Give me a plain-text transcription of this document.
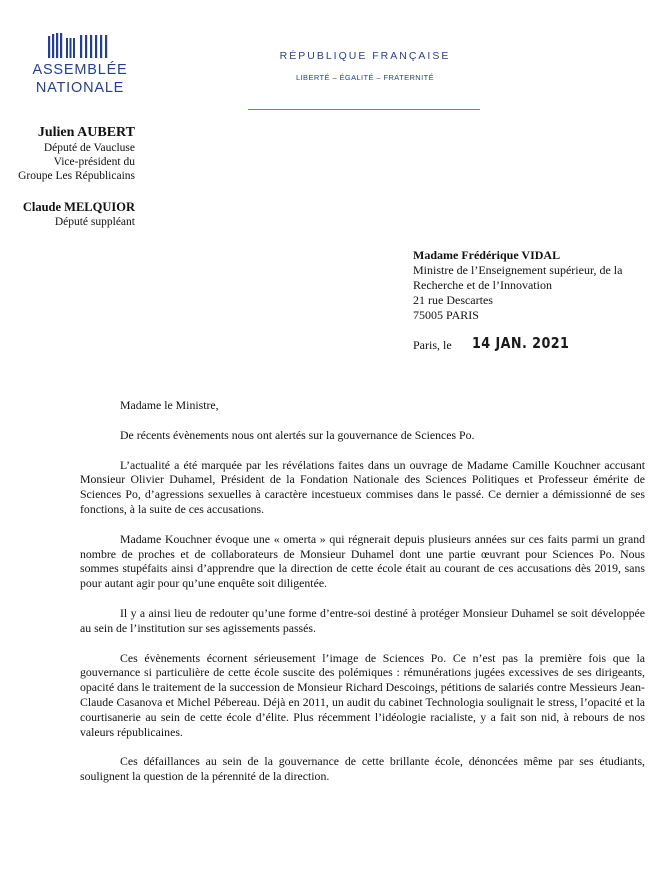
ASSEMBLÉE
NATIONALE
RÉPUBLIQUE FRANÇAISE
LIBERTÉ – ÉGALITÉ – FRATERNITÉ
Julien AUBERT
Député de Vaucluse
Vice-président du
Groupe Les Républicains
Claude MELQUIOR
Député suppléant
Madame Frédérique VIDAL
Ministre de l’Enseignement supérieur, de la
Recherche et de l’Innovation
21 rue Descartes
75005 PARIS
Paris, le 14 JAN. 2021

Madame le Ministre,

De récents évènements nous ont alertés sur la gouvernance de Sciences Po.

L’actualité a été marquée par les révélations faites dans un ouvrage de Madame Camille Kouchner accusant Monsieur Olivier Duhamel, Président de la Fondation Nationale des Sciences Politiques et Professeur émérite de Sciences Po, d’agressions sexuelles à caractère incestueux commises dans le passé. Ce dernier a démissionné de ses fonctions, à la suite de ces accusations.

Madame Kouchner évoque une « omerta » qui régnerait depuis plusieurs années sur ces faits parmi un grand nombre de proches et de collaborateurs de Monsieur Duhamel dont une partie œuvrant pour Sciences Po. Nous sommes stupéfaits ainsi d’apprendre que la direction de cette école était au courant de ces accusations dès 2019, sans pour autant agir pour qu’une enquête soit diligentée.

Il y a ainsi lieu de redouter qu’une forme d’entre-soi destiné à protéger Monsieur Duhamel se soit développée au sein de l’institution sur ses agissements passés.

Ces évènements écornent sérieusement l’image de Sciences Po. Ce n’est pas la première fois que la gouvernance si particulière de cette école suscite des polémiques : rémunérations jugées excessives de ses dirigeants, opacité dans le traitement de la succession de Monsieur Richard Descoings, pétitions de salariés contre Messieurs Jean-Claude Casanova et Michel Pébereau. Déjà en 2011, un audit du cabinet Technologia soulignait le stress, l’opacité et la courtisanerie au sein de cette école d’élite. Plus récemment l’idéologie racialiste, y a fait son nid, à rebours de nos valeurs républicaines.

Ces défaillances au sein de la gouvernance de cette brillante école, dénoncées même par ses étudiants, soulignent la question de la pérennité de la direction.
